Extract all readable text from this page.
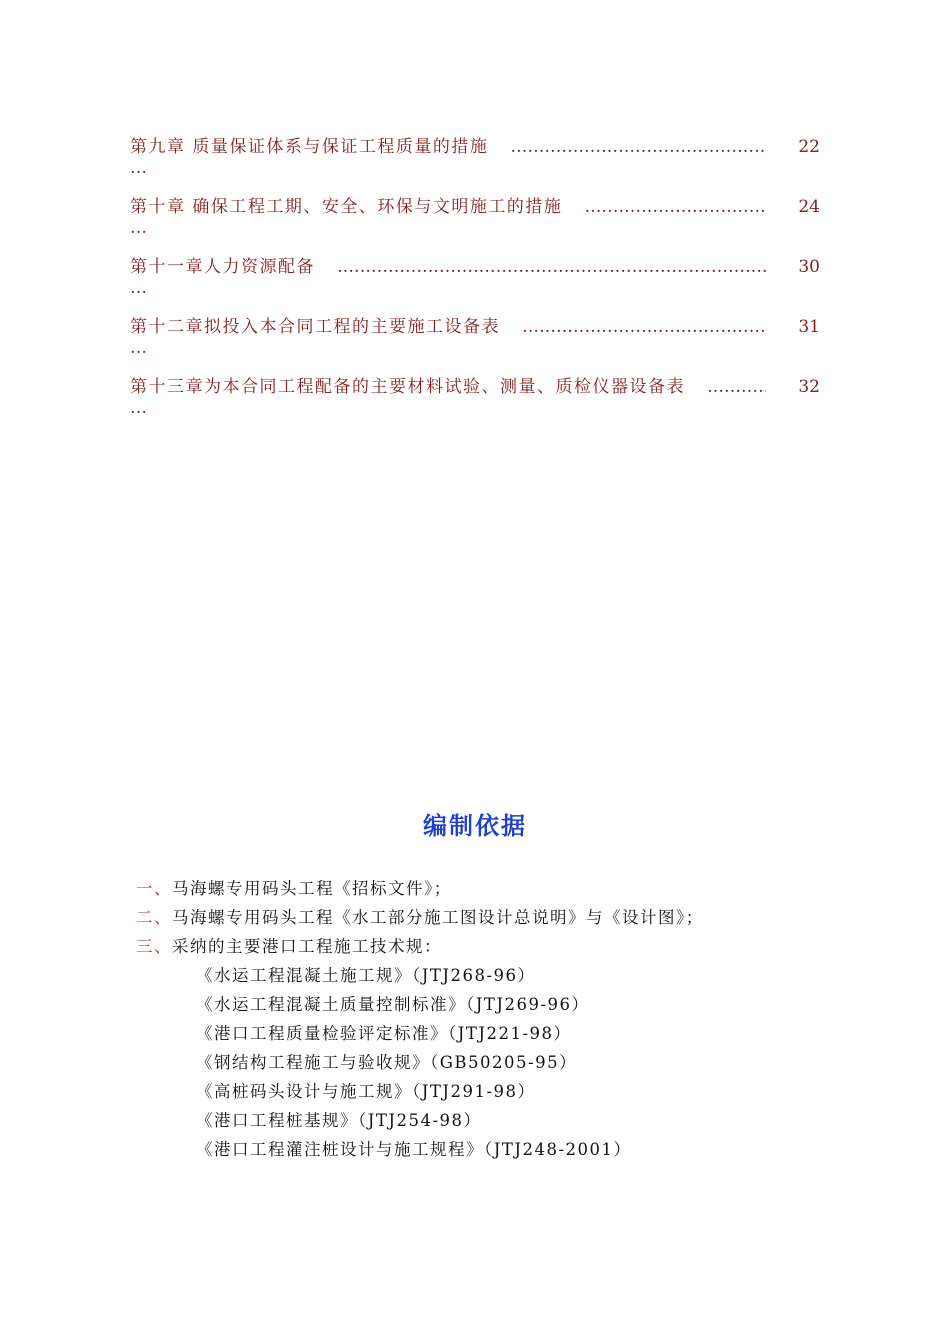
第九章 质量保证体系与保证工程质量的措施 …………………………………………………………………………………………………………	22
…
第十章 确保工程工期、安全、环保与文明施工的措施 …………………………………………………………………………………………………………	24
…
第十一章人力资源配备 …………………………………………………………………………………………………………	30
…
第十二章拟投入本合同工程的主要施工设备表 …………………………………………………………………………………………………………	31
…
第十三章为本合同工程配备的主要材料试验、测量、质检仪器设备表 …………………………………………………………………………………………………………	32
…
编制依据
一、马海螺专用码头工程《招标文件》；
二、马海螺专用码头工程《水工部分施工图设计总说明》与《设计图》；
三、采纳的主要港口工程施工技术规：
《水运工程混凝土施工规》（JTJ268-96）
《水运工程混凝土质量控制标准》（JTJ269-96）
《港口工程质量检验评定标准》（JTJ221-98）
《钢结构工程施工与验收规》（GB50205-95）
《高桩码头设计与施工规》（JTJ291-98）
《港口工程桩基规》（JTJ254-98）
《港口工程灌注桩设计与施工规程》（JTJ248-2001）
